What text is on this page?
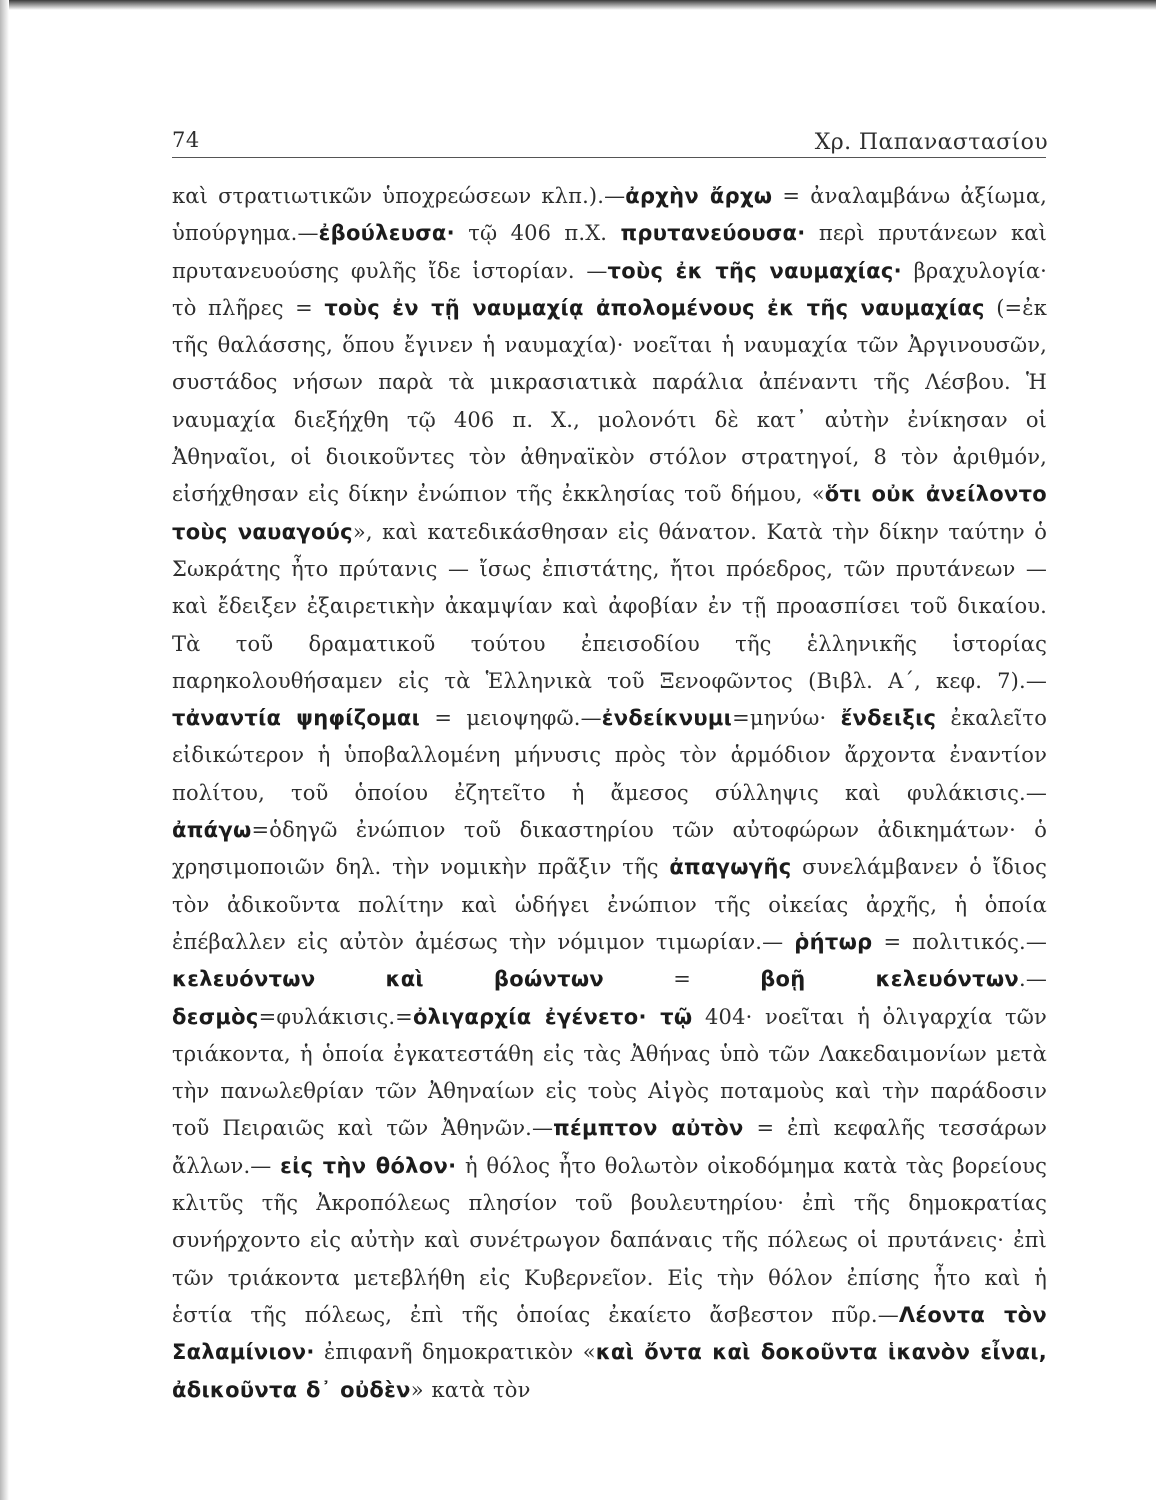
74	Χρ. Παπαναστασίου

καὶ στρατιωτικῶν ὑποχρεώσεων κλπ.).—ἀρχὴν ἄρχω = ἀναλαμβάνω ἀξίωμα, ὑπούργημα.—ἐβούλευσα· τῷ 406 π.Χ. πρυτανεύουσα· περὶ πρυτάνεων καὶ πρυτανευούσης φυλῆς ἴδε ἱστορίαν. —τοὺς ἐκ τῆς ναυμαχίας· βραχυλογία· τὸ πλῆρες = τοὺς ἐν τῇ ναυμαχίᾳ ἀπολομένους ἐκ τῆς ναυμαχίας (=ἐκ τῆς θαλάσσης, ὅπου ἔγινεν ἡ ναυμαχία)· νοεῖται ἡ ναυμαχία τῶν Ἀργινουσῶν, συστάδος νήσων παρὰ τὰ μικρασιατικὰ παράλια ἀπέναντι τῆς Λέσβου. Ἡ ναυμαχία διεξήχθη τῷ 406 π. Χ., μολονότι δὲ κατ᾽ αὐτὴν ἐνίκησαν οἱ Ἀθηναῖοι, οἱ διοικοῦντες τὸν ἀθηναϊκὸν στόλον στρατηγοί, 8 τὸν ἀριθμόν, εἰσήχθησαν εἰς δίκην ἐνώπιον τῆς ἐκκλησίας τοῦ δήμου, «ὅτι οὐκ ἀνείλοντο τοὺς ναυαγούς», καὶ κατεδικάσθησαν εἰς θάνατον. Κατὰ τὴν δίκην ταύτην ὁ Σωκράτης ἦτο πρύτανις — ἴσως ἐπιστάτης, ἤτοι πρόεδρος, τῶν πρυτάνεων — καὶ ἔδειξεν ἐξαιρετικὴν ἀκαμψίαν καὶ ἀφοβίαν ἐν τῇ προασπίσει τοῦ δικαίου. Τὰ τοῦ δραματικοῦ τούτου ἐπεισοδίου τῆς ἑλληνικῆς ἱστορίας παρηκολουθήσαμεν εἰς τὰ Ἑλληνικὰ τοῦ Ξενοφῶντος (Βιβλ. Α΄, κεφ. 7).— τἀναντία ψηφίζομαι = μειοψηφῶ.—ἐνδείκνυμι=μηνύω· ἔνδειξις ἐκαλεῖτο εἰδικώτερον ἡ ὑποβαλλομένη μήνυσις πρὸς τὸν ἁρμόδιον ἄρχοντα ἐναντίον πολίτου, τοῦ ὁποίου ἐζητεῖτο ἡ ἄμεσος σύλληψις καὶ φυλάκισις.—ἀπάγω=ὁδηγῶ ἐνώπιον τοῦ δικαστηρίου τῶν αὐτοφώρων ἀδικημάτων· ὁ χρησιμοποιῶν δηλ. τὴν νομικὴν πρᾶξιν τῆς ἀπαγωγῆς συνελάμβανεν ὁ ἴδιος τὸν ἀδικοῦντα πολίτην καὶ ὡδήγει ἐνώπιον τῆς οἰκείας ἀρχῆς, ἡ ὁποία ἐπέβαλλεν εἰς αὐτὸν ἀμέσως τὴν νόμιμον τιμωρίαν.— ῥήτωρ = πολιτικός.— κελευόντων καὶ βοώντων = βοῇ κελευόντων.— δεσμὸς=φυλάκισις.=ὀλιγαρχία ἐγένετο· τῷ 404· νοεῖται ἡ ὀλιγαρχία τῶν τριάκοντα, ἡ ὁποία ἐγκατεστάθη εἰς τὰς Ἀθήνας ὑπὸ τῶν Λακεδαιμονίων μετὰ τὴν πανωλεθρίαν τῶν Ἀθηναίων εἰς τοὺς Αἰγὸς ποταμοὺς καὶ τὴν παράδοσιν τοῦ Πειραιῶς καὶ τῶν Ἀθηνῶν.—πέμπτον αὐτὸν = ἐπὶ κεφαλῆς τεσσάρων ἄλλων.— εἰς τὴν θόλον· ἡ θόλος ἦτο θολωτὸν οἰκοδόμημα κατὰ τὰς βορείους κλιτῦς τῆς Ἀκροπόλεως πλησίον τοῦ βουλευτηρίου· ἐπὶ τῆς δημοκρατίας συνήρχοντο εἰς αὐτὴν καὶ συνέτρωγον δαπάναις τῆς πόλεως οἱ πρυτάνεις· ἐπὶ τῶν τριάκοντα μετεβλήθη εἰς Κυβερνεῖον. Εἰς τὴν θόλον ἐπίσης ἦτο καὶ ἡ ἑστία τῆς πόλεως, ἐπὶ τῆς ὁποίας ἐκαίετο ἄσβεστον πῦρ.—Λέοντα τὸν Σαλαμίνιον· ἐπιφανῆ δημοκρατικὸν «καὶ ὄντα καὶ δοκοῦντα ἱκανὸν εἶναι, ἀδικοῦντα δ᾽ οὐδὲν» κατὰ τὸν
